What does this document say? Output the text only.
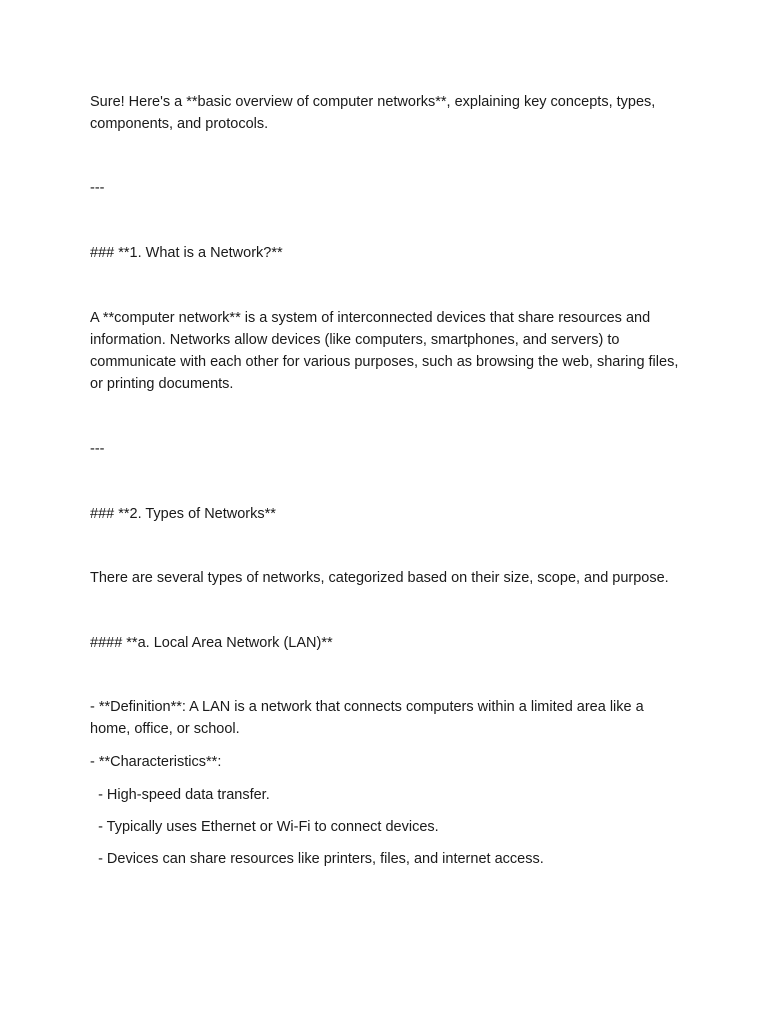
Sure! Here's a **basic overview of computer networks**, explaining key concepts, types, components, and protocols.

---

### **1. What is a Network?**

A **computer network** is a system of interconnected devices that share resources and information. Networks allow devices (like computers, smartphones, and servers) to communicate with each other for various purposes, such as browsing the web, sharing files, or printing documents.

---

### **2. Types of Networks**

There are several types of networks, categorized based on their size, scope, and purpose.

#### **a. Local Area Network (LAN)**

- **Definition**: A LAN is a network that connects computers within a limited area like a home, office, or school.

- **Characteristics**:

- High-speed data transfer.

- Typically uses Ethernet or Wi-Fi to connect devices.

- Devices can share resources like printers, files, and internet access.
